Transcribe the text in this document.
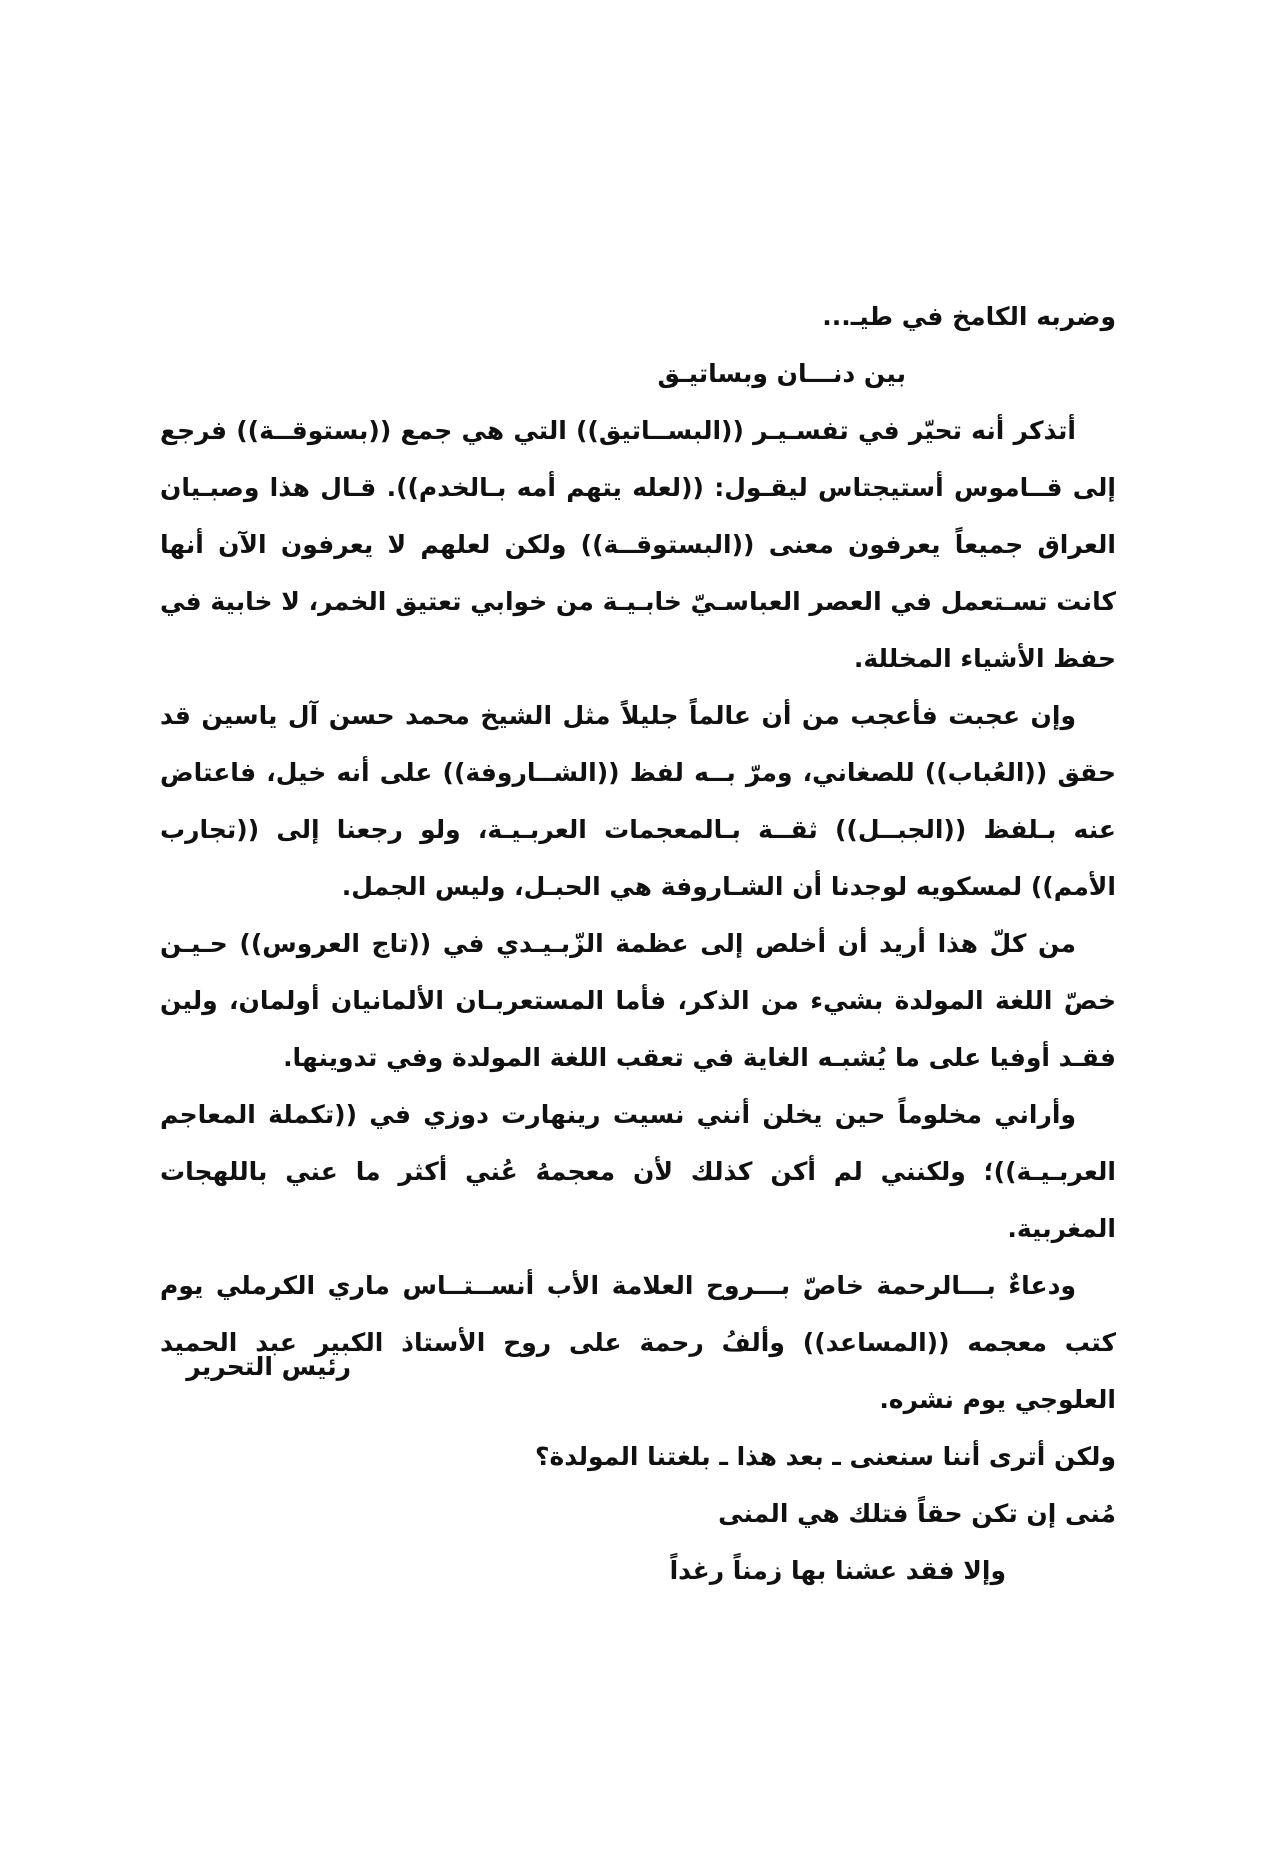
وضربه الكامخ في طيـ...

بين دنـــان وبساتيـق

أتذكر أنه تحيّر في تفسـيـر ((البســاتيق)) التي هي جمع ((بستوقــة)) فرجع إلى قــاموس أستيجتاس ليقـول: ((لعله يتهم أمه بـالخدم)). قـال هذا وصبـيان العراق جميعاً يعرفون معنى ((البستوقــة)) ولكن لعلهم لا يعرفون الآن أنها كانت تسـتعمل في العصر العباسـيّ خابـيـة من خوابي تعتيق الخمر، لا خابية في حفظ الأشياء المخللة.

وإن عجبت فأعجب من أن عالماً جليلاً مثل الشيخ محمد حسن آل ياسين قد حقق ((العُباب)) للصغاني، ومرّ بــه لفظ ((الشــاروفة)) على أنه خيل، فاعتاض عنه بـلفظ ((الجبــل)) ثقــة بـالمعجمات العربـيـة، ولو رجعنا إلى ((تجارب الأمم)) لمسكويه لوجدنا أن الشـاروفة هي الحبـل، وليس الجمل.

من كلّ هذا أريد أن أخلص إلى عظمة الزّبـيـدي في ((تاج العروس)) حـيـن خصّ اللغة المولدة بشيء من الذكر، فأما المستعربـان الألمانيان أولمان، ولين فقـد أوفيا على ما يُشبـه الغاية في تعقب اللغة المولدة وفي تدوينها.

وأراني مخلوماً حين يخلن أنني نسيت رينهارت دوزي في ((تكملة المعاجم العربـيـة))؛ ولكنني لم أكن كذلك لأن معجمهُ عُني أكثر ما عني باللهجات المغربية.

ودعاءٌ بـــالرحمة خاصّ بـــروح العلامة الأب أنســتــاس ماري الكرملي يوم كتب معجمه ((المساعد)) وألفُ رحمة على روح الأستاذ الكبير عبد الحميد العلوجي يوم نشره.

ولكن أترى أننا سنعنى ـ بعد هذا ـ بلغتنا المولدة؟

مُنى إن تكن حقاً فتلك هي المنى

وإلا فقد عشنا بها زمناً رغداً

رئيس التحرير
